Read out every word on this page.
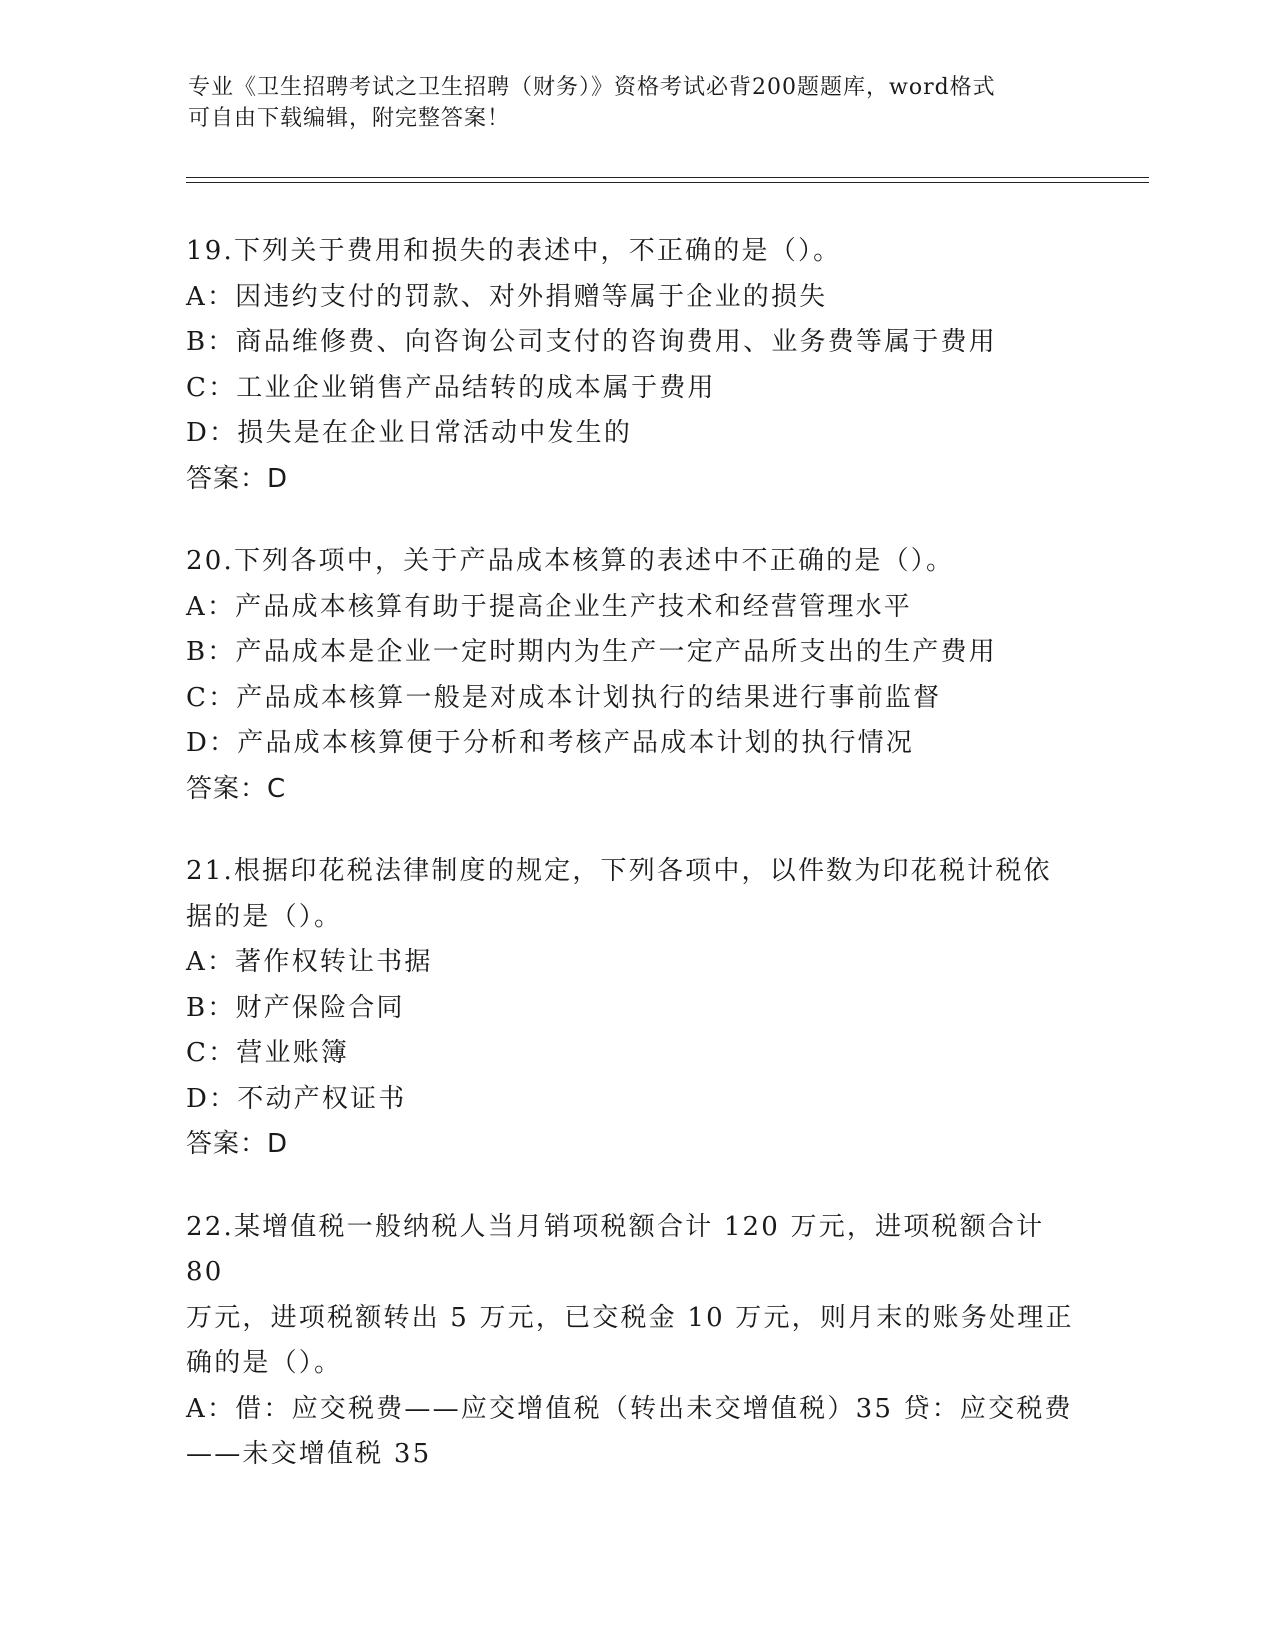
专业《卫生招聘考试之卫生招聘（财务）》资格考试必背200题题库，word格式
可自由下载编辑，附完整答案！
19.下列关于费用和损失的表述中，不正确的是（）。
A：因违约支付的罚款、对外捐赠等属于企业的损失
B：商品维修费、向咨询公司支付的咨询费用、业务费等属于费用
C：工业企业销售产品结转的成本属于费用
D：损失是在企业日常活动中发生的
答案：D
20.下列各项中，关于产品成本核算的表述中不正确的是（）。
A：产品成本核算有助于提高企业生产技术和经营管理水平
B：产品成本是企业一定时期内为生产一定产品所支出的生产费用
C：产品成本核算一般是对成本计划执行的结果进行事前监督
D：产品成本核算便于分析和考核产品成本计划的执行情况
答案：C
21.根据印花税法律制度的规定，下列各项中，以件数为印花税计税依
据的是（）。
A：著作权转让书据
B：财产保险合同
C：营业账簿
D：不动产权证书
答案：D
22.某增值税一般纳税人当月销项税额合计 120 万元，进项税额合计 80
万元，进项税额转出 5 万元，已交税金 10 万元，则月末的账务处理正
确的是（）。
A：借：应交税费——应交增值税（转出未交增值税）35 贷：应交税费
——未交增值税 35
